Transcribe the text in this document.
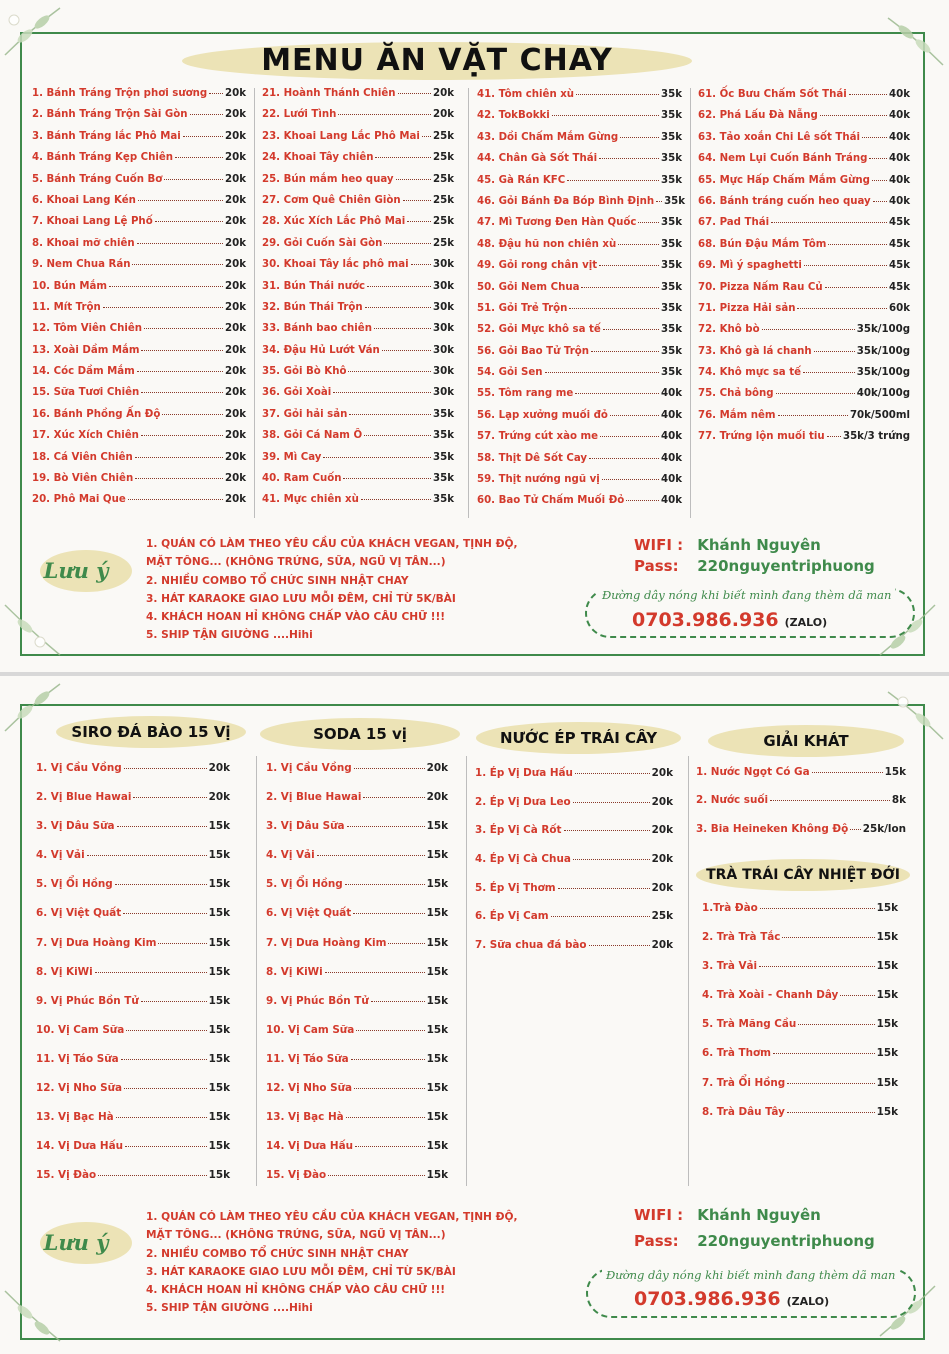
MENU ĂN VẶT CHAY
1. Bánh Tráng Trộn phơi sương 20k
2. Bánh Tráng Trộn Sài Gòn	20k
3. Bánh Tráng lắc Phô Mai	20k
4. Bánh Tráng Kẹp Chiên	20k
5. Bánh Tráng Cuốn Bơ	20k
6. Khoai Lang Kén	20k
7. Khoai Lang Lệ Phố	20k
8. Khoai mỡ chiên	20k
9. Nem Chua Rán	20k
10. Bún Mắm	20k
11. Mít Trộn	20k
12. Tôm Viên Chiên	20k
13. Xoài Dầm Mắm	20k
14. Cóc Dầm Mắm	20k
15. Sữa Tươi Chiên	20k
16. Bánh Phồng Ấn Độ	20k
17. Xúc Xích Chiên	20k
18. Cá Viên Chiên	20k
19. Bò Viên Chiên	20k
20. Phô Mai Que	20k
21. Hoành Thánh Chiên	20k
22. Lưới Tình	20k
23. Khoai Lang Lắc Phô Mai 25k
24. Khoai Tây chiên	25k
25. Bún mắm heo quay	25k
27. Cơm Quê Chiên Giòn	25k
28. Xúc Xích Lắc Phô Mai	25k
29. Gỏi Cuốn Sài Gòn	25k
30. Khoai Tây lắc phô mai 30k
31. Bún Thái nước	30k
32. Bún Thái Trộn	30k
33. Bánh bao chiên	30k
34. Đậu Hủ Lướt Ván	30k
35. Gỏi Bò Khô	30k
36. Gỏi Xoài	30k
37. Gỏi hải sản	35k
38. Gỏi Cá Nam Ô	35k
39. Mì Cay	35k
40. Ram Cuốn	35k
41. Mực chiên xù	35k
41. Tôm chiên xù	35k
42. TokBokki	35k
43. Dồi Chấm Mắm Gừng	35k
44. Chân Gà Sốt Thái	35k
45. Gà Rán KFC	35k
46. Gỏi Bánh Đa Bóp Bình Định 35k
47. Mì Tương Đen Hàn Quốc 35k
48. Đậu hũ non chiên xù	35k
49. Gỏi rong chân vịt	35k
50. Gỏi Nem Chua	35k
51. Gỏi Trẻ Trộn	35k
52. Gỏi Mực khô sa tế	35k
56. Gỏi Bao Tử Trộn	35k
54. Gỏi Sen	35k
55. Tôm rang me	40k
56. Lạp xưởng muối đỏ	40k
57. Trứng cút xào me	40k
58. Thịt Dê Sốt Cay	40k
59. Thịt nướng ngũ vị	40k
60. Bao Tử Chấm Muối Đỏ	40k
61. Ốc Bưu Chấm Sốt Thái	40k
62. Phá Lấu Đà Nẵng	40k
63. Tảo xoắn Chi Lê sốt Thái	40k
64. Nem Lụi Cuốn Bánh Tráng 40k
65. Mực Hấp Chấm Mắm Gừng 40k
66. Bánh tráng cuốn heo quay 40k
67. Pad Thái	45k
68. Bún Đậu Mắm Tôm	45k
69. Mì ý spaghetti	45k
70. Pizza Nấm Rau Củ	45k
71. Pizza Hải sản	60k
72. Khô bò	35k/100g
73. Khô gà lá chanh	35k/100g
74. Khô mực sa tế	35k/100g
75. Chả bông	40k/100g
76. Mắm nêm	70k/500ml
77. Trứng lộn muối tiu 35k/3 trứng
Lưu ý
1. QUÁN CÓ LÀM THEO YÊU CẦU CỦA KHÁCH VEGAN, TỊNH ĐỘ,
MẶT TÔNG... (KHÔNG TRỨNG, SỮA, NGŨ VỊ TÂN...)
2. NHIỀU COMBO TỔ CHỨC SINH NHẬT CHAY
3. HÁT KARAOKE GIAO LƯU MỖI ĐÊM, CHỈ TỪ 5K/BÀI
4. KHÁCH HOAN HỈ KHÔNG CHẤP VÀO CÂU CHỮ !!!
5. SHIP TẬN GIƯỜNG ....Hihi
WIFI : Khánh Nguyên
Pass: 220nguyentriphuong
Đường dây nóng khi biết mình đang thèm dã man
0703.986.936 (ZALO)
SIRO ĐÁ BÀO 15 Vị	SODA 15 vị	NƯỚC ÉP TRÁI CÂY	GIẢI KHÁT
TRÀ TRÁI CÂY NHIỆT ĐỚI
1. Vị Cầu Vồng	20k
2. Vị Blue Hawai	20k
3. Vị Dâu Sữa	15k
4. Vị Vải	15k
5. Vị Ổi Hồng	15k
6. Vị Việt Quất	15k
7. Vị Dưa Hoàng Kim	15k
8. Vị KiWi	15k
9. Vị Phúc Bồn Tử	15k
10. Vị Cam Sữa	15k
11. Vị Táo Sữa	15k
12. Vị Nho Sữa	15k
13. Vị Bạc Hà	15k
14. Vị Dưa Hấu	15k
15. Vị Đào	15k
1. Vị Cầu Vồng	20k
2. Vị Blue Hawai	20k
3. Vị Dâu Sữa	15k
4. Vị Vải	15k
5. Vị Ổi Hồng	15k
6. Vị Việt Quất	15k
7. Vị Dưa Hoàng Kim	15k
8. Vị KiWi	15k
9. Vị Phúc Bồn Tử	15k
10. Vị Cam Sữa	15k
11. Vị Táo Sữa	15k
12. Vị Nho Sữa	15k
13. Vị Bạc Hà	15k
14. Vị Dưa Hấu	15k
15. Vị Đào	15k
1. Ép Vị Dưa Hấu	20k
2. Ép Vị Dưa Leo	20k
3. Ép Vị Cà Rốt	20k
4. Ép Vị Cà Chua	20k
5. Ép Vị Thơm	20k
6. Ép Vị Cam	25k
7. Sữa chua đá bào	20k
1. Nước Ngọt Có Ga	15k
2. Nước suối	8k
3. Bia Heineken Không Độ 25k/lon
1.Trà Đào	15k
2. Trà Trà Tắc	15k
3. Trà Vải	15k
4. Trà Xoài - Chanh Dây	15k
5. Trà Mãng Cầu	15k
6. Trà Thơm	15k
7. Trà Ổi Hồng	15k
8. Trà Dâu Tây	15k
Lưu ý
1. QUÁN CÓ LÀM THEO YÊU CẦU CỦA KHÁCH VEGAN, TỊNH ĐỘ,
MẶT TÔNG... (KHÔNG TRỨNG, SỮA, NGŨ VỊ TÂN...)
2. NHIỀU COMBO TỔ CHỨC SINH NHẬT CHAY
3. HÁT KARAOKE GIAO LƯU MỖI ĐÊM, CHỈ TỪ 5K/BÀI
4. KHÁCH HOAN HỈ KHÔNG CHẤP VÀO CÂU CHỮ !!!
5. SHIP TẬN GIƯỜNG ....Hihi
WIFI : Khánh Nguyên
Pass: 220nguyentriphuong
Đường dây nóng khi biết mình đang thèm dã man
0703.986.936 (ZALO)
